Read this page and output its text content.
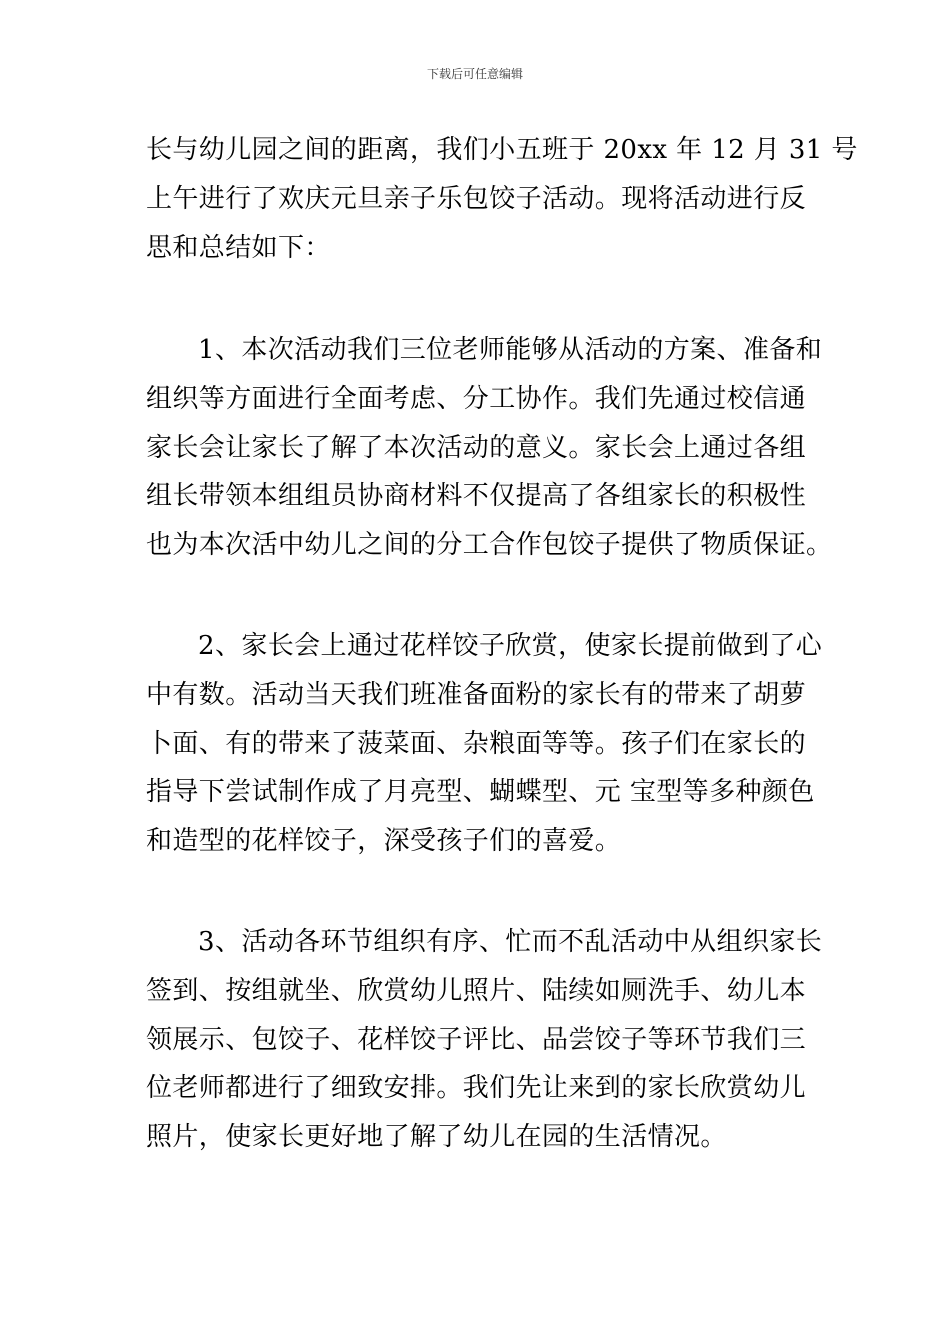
下载后可任意编辑

长与幼儿园之间的距离，我们小五班于 20xx 年 12 月 31 号
上午进行了欢庆元旦亲子乐包饺子活动。现将活动进行反
思和总结如下：

1、本次活动我们三位老师能够从活动的方案、准备和
组织等方面进行全面考虑、分工协作。我们先通过校信通
家长会让家长了解了本次活动的意义。家长会上通过各组
组长带领本组组员协商材料不仅提高了各组家长的积极性
也为本次活中幼儿之间的分工合作包饺子提供了物质保证。

2、家长会上通过花样饺子欣赏，使家长提前做到了心
中有数。活动当天我们班准备面粉的家长有的带来了胡萝
卜面、有的带来了菠菜面、杂粮面等等。孩子们在家长的
指导下尝试制作成了月亮型、蝴蝶型、元 宝型等多种颜色
和造型的花样饺子，深受孩子们的喜爱。

3、活动各环节组织有序、忙而不乱活动中从组织家长
签到、按组就坐、欣赏幼儿照片、陆续如厕洗手、幼儿本
领展示、包饺子、花样饺子评比、品尝饺子等环节我们三
位老师都进行了细致安排。我们先让来到的家长欣赏幼儿
照片，使家长更好地了解了幼儿在园的生活情况。
